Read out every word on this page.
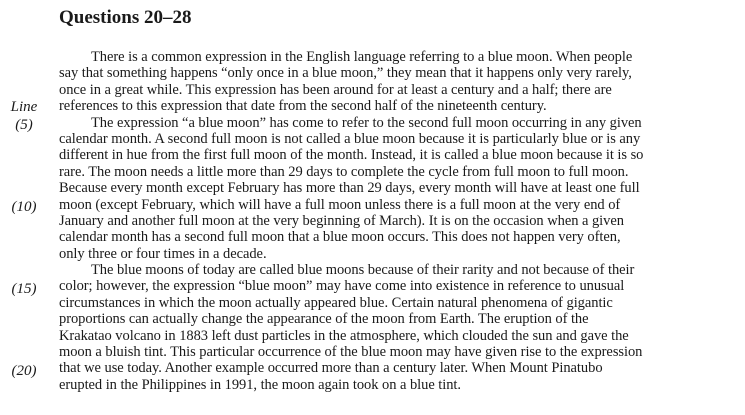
Questions 20–28
Line
(5)
(10)
(15)
(20)
There is a common expression in the English language referring to a blue moon. When people
say that something happens “only once in a blue moon,” they mean that it happens only very rarely,
once in a great while. This expression has been around for at least a century and a half; there are
references to this expression that date from the second half of the nineteenth century.
The expression “a blue moon” has come to refer to the second full moon occurring in any given
calendar month. A second full moon is not called a blue moon because it is particularly blue or is any
different in hue from the first full moon of the month. Instead, it is called a blue moon because it is so
rare. The moon needs a little more than 29 days to complete the cycle from full moon to full moon.
Because every month except February has more than 29 days, every month will have at least one full
moon (except February, which will have a full moon unless there is a full moon at the very end of
January and another full moon at the very beginning of March). It is on the occasion when a given
calendar month has a second full moon that a blue moon occurs. This does not happen very often,
only three or four times in a decade.
The blue moons of today are called blue moons because of their rarity and not because of their
color; however, the expression “blue moon” may have come into existence in reference to unusual
circumstances in which the moon actually appeared blue. Certain natural phenomena of gigantic
proportions can actually change the appearance of the moon from Earth. The eruption of the
Krakatao volcano in 1883 left dust particles in the atmosphere, which clouded the sun and gave the
moon a bluish tint. This particular occurrence of the blue moon may have given rise to the expression
that we use today. Another example occurred more than a century later. When Mount Pinatubo
erupted in the Philippines in 1991, the moon again took on a blue tint.
